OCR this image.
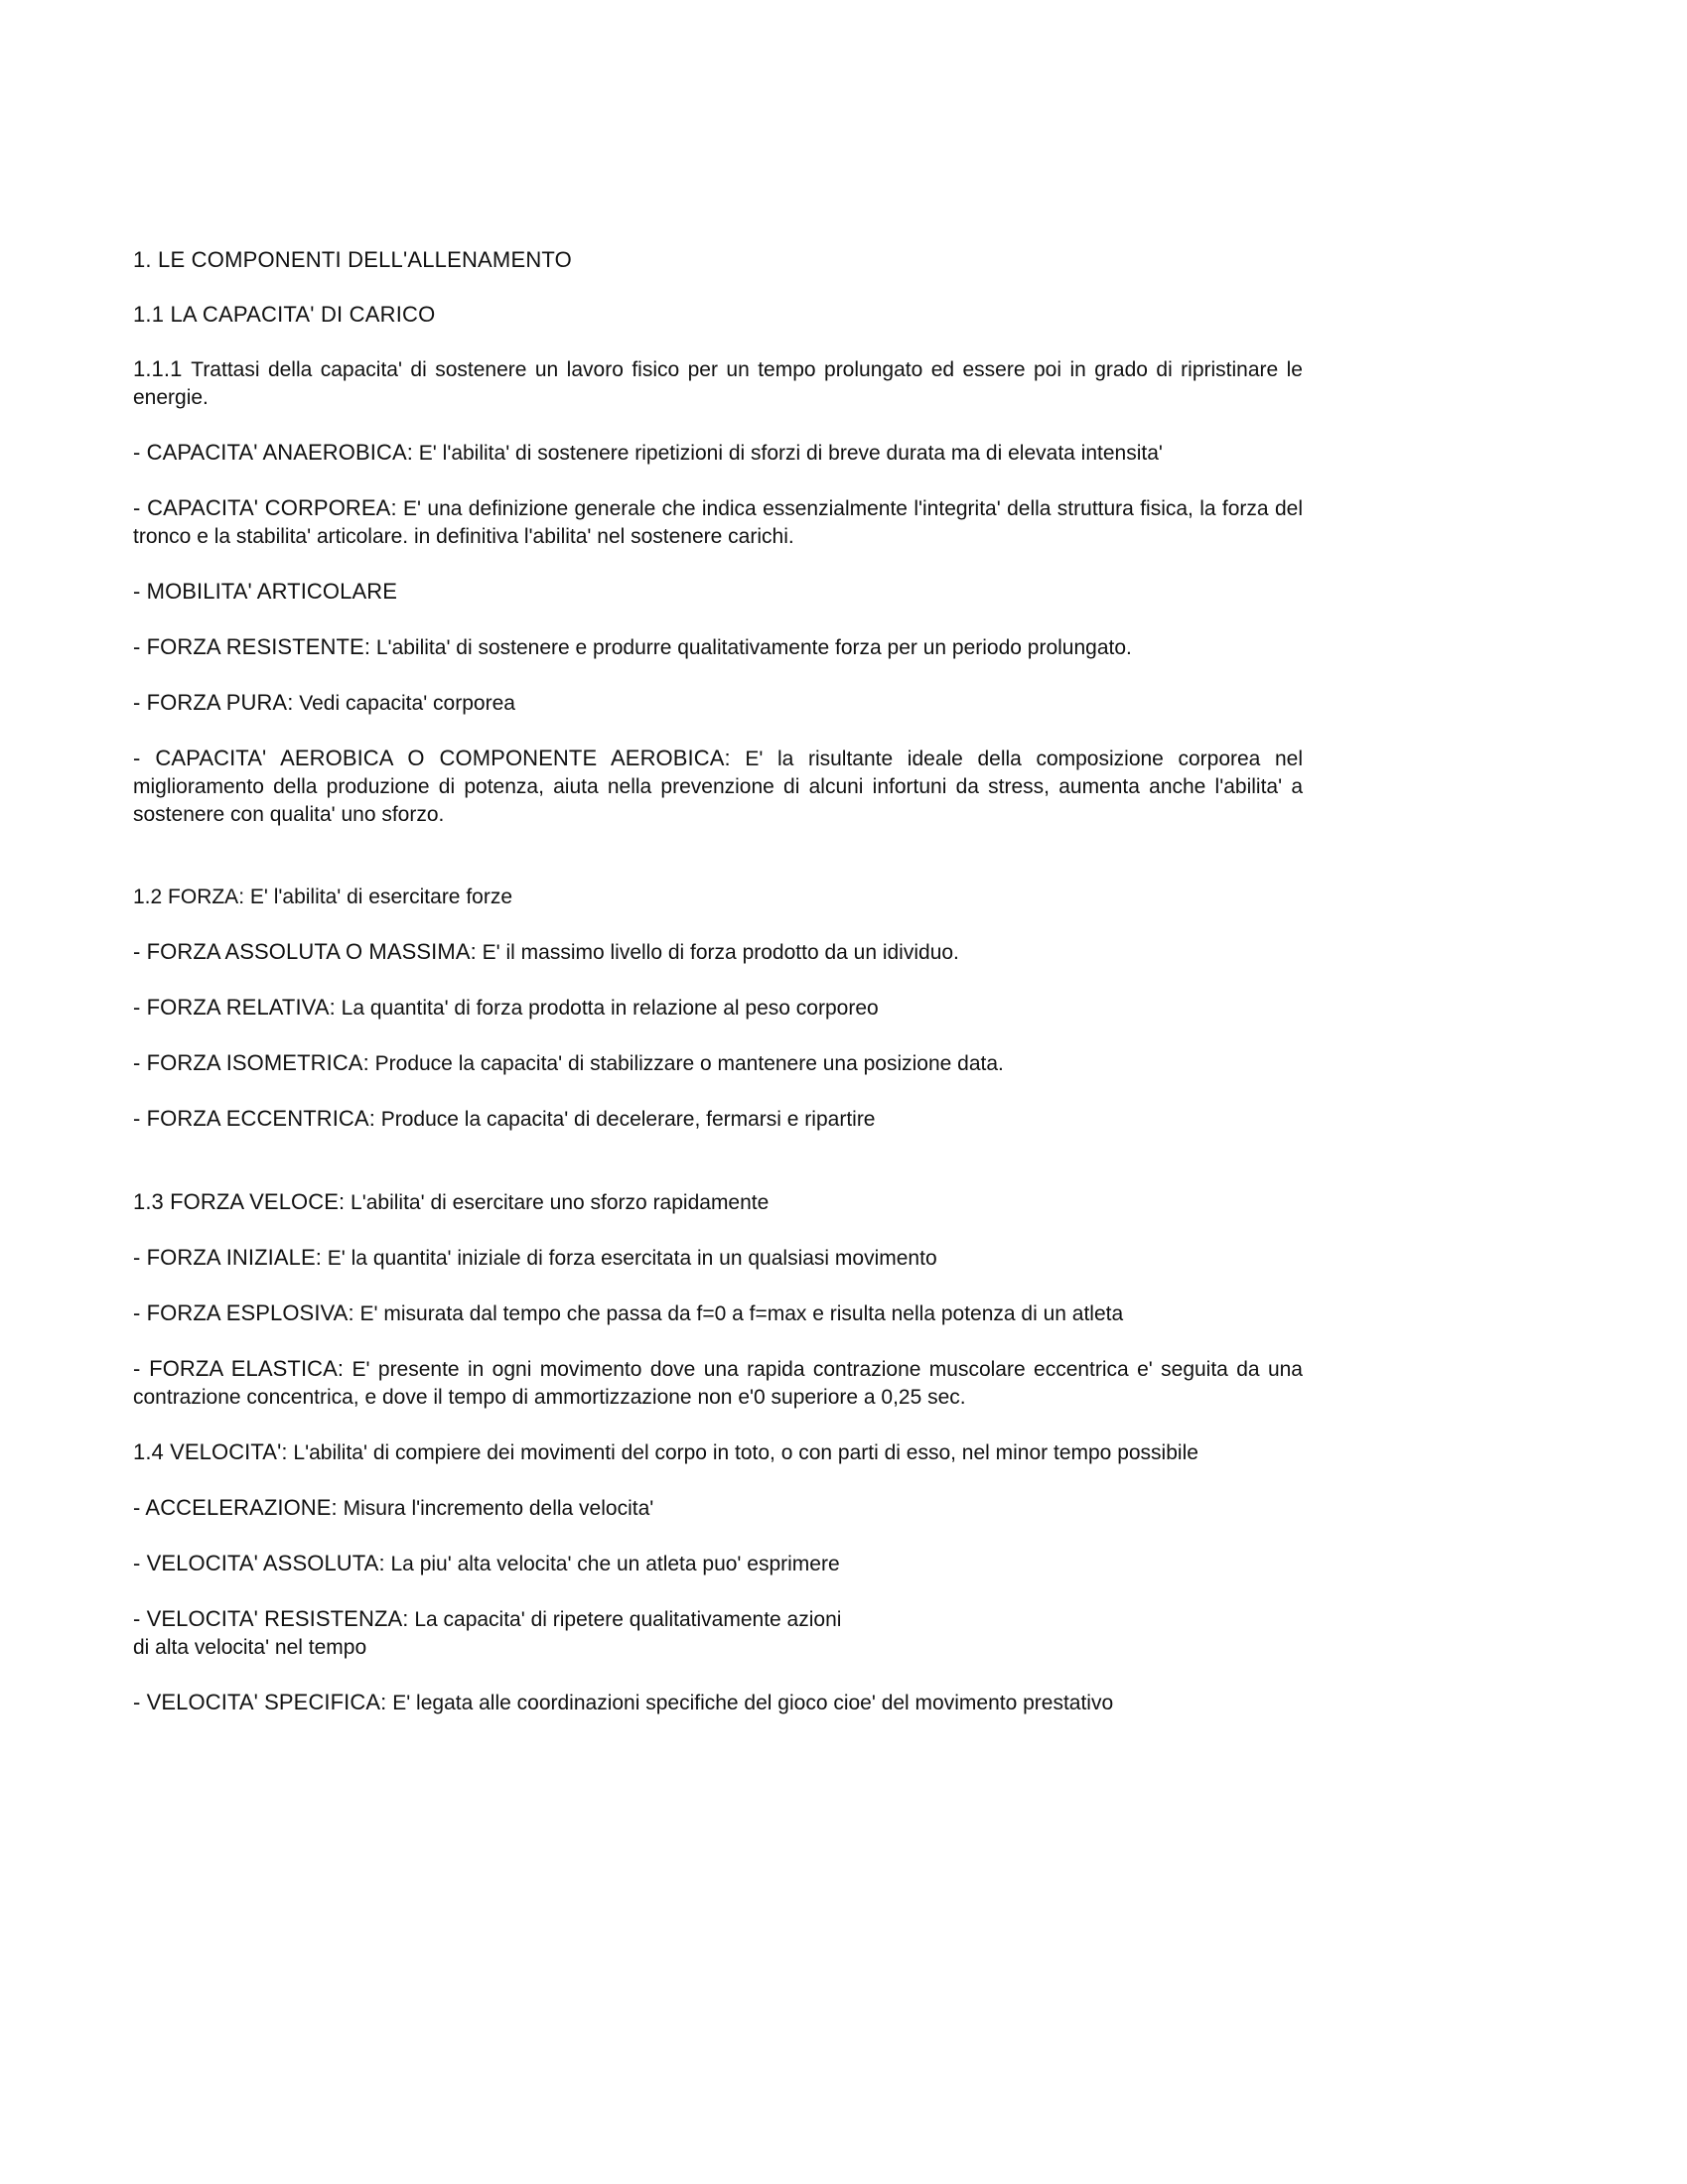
1. LE COMPONENTI DELL'ALLENAMENTO

1.1 LA CAPACITA' DI CARICO

1.1.1 Trattasi della capacita' di sostenere un lavoro fisico per un tempo prolungato ed essere poi in grado di ripristinare le energie.

- CAPACITA' ANAEROBICA: E' l'abilita' di sostenere ripetizioni di sforzi di breve durata ma di elevata intensita'

- CAPACITA' CORPOREA: E' una definizione generale che indica essenzialmente l'integrita' della struttura fisica, la forza del tronco e la stabilita' articolare. in definitiva l'abilita' nel sostenere carichi.

- MOBILITA' ARTICOLARE

- FORZA RESISTENTE: L'abilita' di sostenere e produrre qualitativamente forza per un periodo prolungato.

- FORZA PURA: Vedi capacita' corporea

- CAPACITA' AEROBICA O COMPONENTE AEROBICA: E' la risultante ideale della composizione corporea nel miglioramento della produzione di potenza, aiuta nella prevenzione di alcuni infortuni da stress, aumenta anche l'abilita' a sostenere con qualita' uno sforzo.

1.2 FORZA: E' l'abilita' di esercitare forze

- FORZA ASSOLUTA O MASSIMA: E' il massimo livello di forza prodotto da un idividuo.

- FORZA RELATIVA: La quantita' di forza prodotta in relazione al peso corporeo

- FORZA ISOMETRICA: Produce la capacita' di stabilizzare o mantenere una posizione data.

- FORZA ECCENTRICA: Produce la capacita' di decelerare, fermarsi e ripartire

1.3 FORZA VELOCE: L'abilita' di esercitare uno sforzo rapidamente

- FORZA INIZIALE: E' la quantita' iniziale di forza esercitata in un qualsiasi movimento

- FORZA ESPLOSIVA: E' misurata dal tempo che passa da f=0 a f=max e risulta nella potenza di un atleta

- FORZA ELASTICA: E' presente in ogni movimento dove una rapida contrazione muscolare eccentrica e' seguita da una contrazione concentrica, e dove il tempo di ammortizzazione non e'0 superiore a 0,25 sec.

1.4 VELOCITA': L'abilita' di compiere dei movimenti del corpo in toto, o con parti di esso, nel minor tempo possibile

- ACCELERAZIONE: Misura l'incremento della velocita'

- VELOCITA' ASSOLUTA: La piu' alta velocita' che un atleta puo' esprimere

- VELOCITA' RESISTENZA: La capacita' di ripetere qualitativamente azioni
di alta velocita' nel tempo

- VELOCITA' SPECIFICA: E' legata alle coordinazioni specifiche del gioco cioe' del movimento prestativo
